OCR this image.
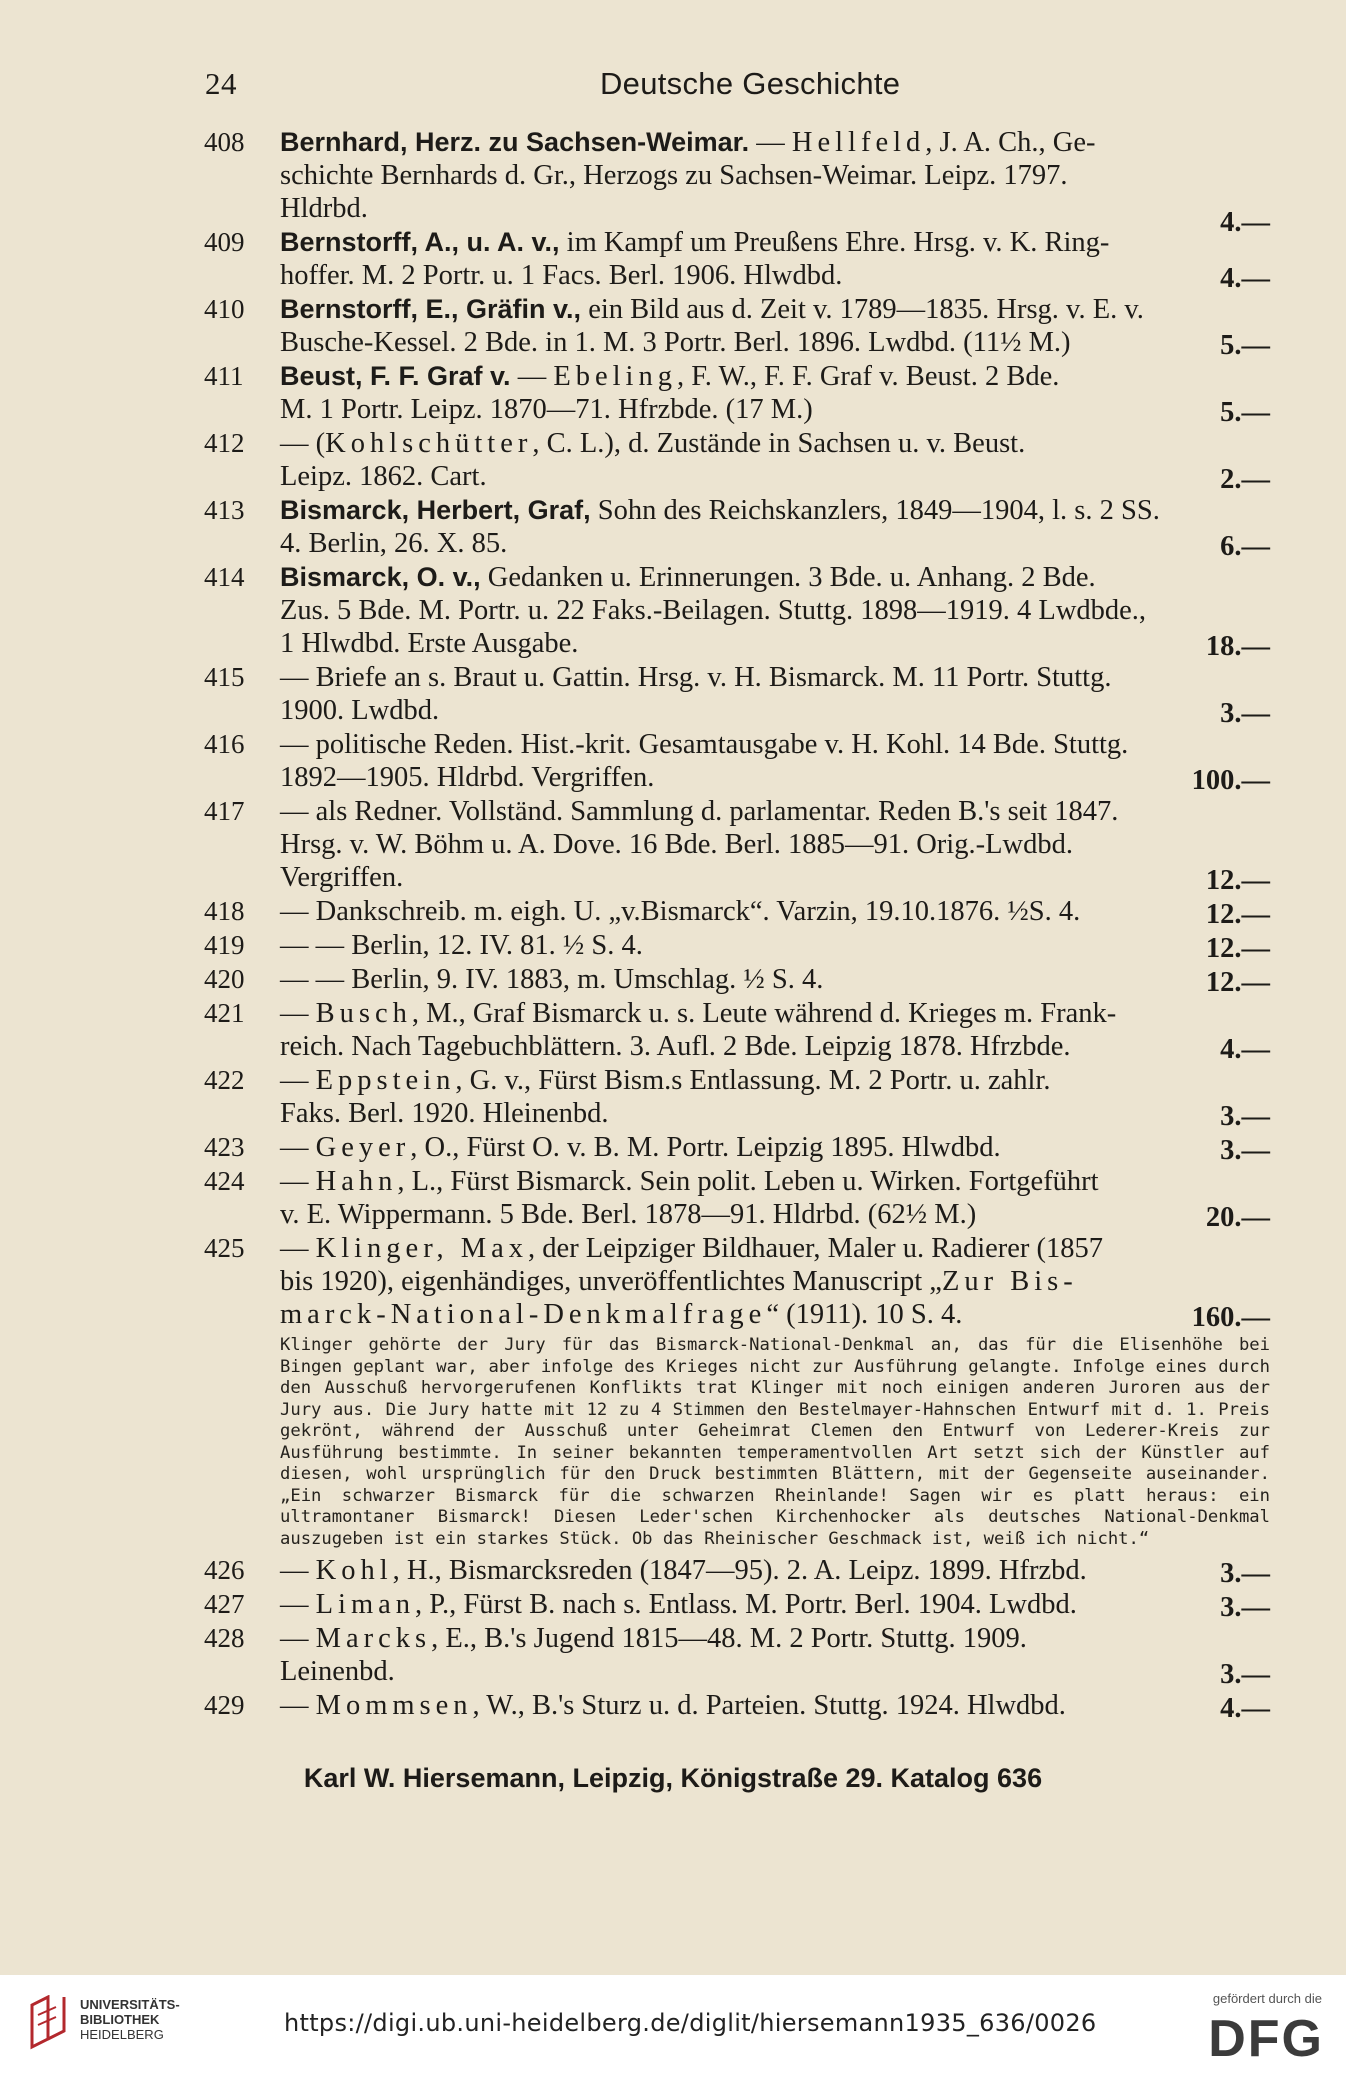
24	Deutsche Geschichte
408	Bernhard, Herz. zu Sachsen-Weimar. — Hellfeld, J. A. Ch., Ge-
schichte Bernhards d. Gr., Herzogs zu Sachsen-Weimar. Leipz. 1797.
Hldrbd.	4.—
409	Bernstorff, A., u. A. v., im Kampf um Preußens Ehre. Hrsg. v. K. Ring-
hoffer. M. 2 Portr. u. 1 Facs. Berl. 1906. Hlwdbd.	4.—
410	Bernstorff, E., Gräfin v., ein Bild aus d. Zeit v. 1789—1835. Hrsg. v. E. v.
Busche-Kessel. 2 Bde. in 1. M. 3 Portr. Berl. 1896. Lwdbd. (11½ M.)	5.—
411	Beust, F. F. Graf v. — Ebeling, F. W., F. F. Graf v. Beust. 2 Bde.
M. 1 Portr. Leipz. 1870—71. Hfrzbde. (17 M.)	5.—
412	— (Kohlschütter, C. L.), d. Zustände in Sachsen u. v. Beust.
Leipz. 1862. Cart.	2.—
413	Bismarck, Herbert, Graf, Sohn des Reichskanzlers, 1849—1904, l. s. 2 SS.
4. Berlin, 26. X. 85.	6.—
414	Bismarck, O. v., Gedanken u. Erinnerungen. 3 Bde. u. Anhang. 2 Bde.
Zus. 5 Bde. M. Portr. u. 22 Faks.-Beilagen. Stuttg. 1898—1919. 4 Lwdbde.,
1 Hlwdbd. Erste Ausgabe.	18.—
415	— Briefe an s. Braut u. Gattin. Hrsg. v. H. Bismarck. M. 11 Portr. Stuttg.
1900. Lwdbd.	3.—
416	— politische Reden. Hist.-krit. Gesamtausgabe v. H. Kohl. 14 Bde. Stuttg.
1892—1905. Hldrbd. Vergriffen.	100.—
417	— als Redner. Vollständ. Sammlung d. parlamentar. Reden B.'s seit 1847.
Hrsg. v. W. Böhm u. A. Dove. 16 Bde. Berl. 1885—91. Orig.-Lwdbd.
Vergriffen.	12.—
418	— Dankschreib. m. eigh. U. „v.Bismarck“. Varzin, 19.10.1876. ½S. 4.	12.—
419	— — Berlin, 12. IV. 81. ½ S. 4.	12.—
420	— — Berlin, 9. IV. 1883, m. Umschlag. ½ S. 4.	12.—
421	— Busch, M., Graf Bismarck u. s. Leute während d. Krieges m. Frank-
reich. Nach Tagebuchblättern. 3. Aufl. 2 Bde. Leipzig 1878. Hfrzbde.	4.—
422	— Eppstein, G. v., Fürst Bism.s Entlassung. M. 2 Portr. u. zahlr.
Faks. Berl. 1920. Hleinenbd.	3.—
423	— Geyer, O., Fürst O. v. B. M. Portr. Leipzig 1895. Hlwdbd.	3.—
424	— Hahn, L., Fürst Bismarck. Sein polit. Leben u. Wirken. Fortgeführt
v. E. Wippermann. 5 Bde. Berl. 1878—91. Hldrbd. (62½ M.)	20.—
425	— Klinger, Max, der Leipziger Bildhauer, Maler u. Radierer (1857
bis 1920), eigenhändiges, unveröffentlichtes Manuscript „Zur Bis-
marck-National-Denkmalfrage“ (1911). 10 S. 4.	160.—
Klinger gehörte der Jury für das Bismarck-National-Denkmal an, das für die Elisenhöhe bei Bingen geplant war, aber infolge des Krieges nicht zur Ausführung gelangte. Infolge eines durch den Ausschuß hervorgerufenen Konflikts trat Klinger mit noch einigen anderen Juroren aus der Jury aus. Die Jury hatte mit 12 zu 4 Stimmen den Bestelmayer-Hahnschen Entwurf mit d. 1. Preis gekrönt, während der Ausschuß unter Geheimrat Clemen den Entwurf von Lederer-Kreis zur Ausführung bestimmte. In seiner bekannten temperamentvollen Art setzt sich der Künstler auf diesen, wohl ursprünglich für den Druck bestimmten Blättern, mit der Gegenseite auseinander. „Ein schwarzer Bismarck für die schwarzen Rheinlande! Sagen wir es platt heraus: ein ultramontaner Bismarck! Diesen Leder'schen Kirchenhocker als deutsches National-Denkmal auszugeben ist ein starkes Stück. Ob das Rheinischer Geschmack ist, weiß ich nicht.“
426	— Kohl, H., Bismarcksreden (1847—95). 2. A. Leipz. 1899. Hfrzbd.	3.—
427	— Liman, P., Fürst B. nach s. Entlass. M. Portr. Berl. 1904. Lwdbd.	3.—
428	— Marcks, E., B.'s Jugend 1815—48. M. 2 Portr. Stuttg. 1909.
Leinenbd.	3.—
429	— Mommsen, W., B.'s Sturz u. d. Parteien. Stuttg. 1924. Hlwdbd.	4.—
Karl W. Hiersemann, Leipzig, Königstraße 29. Katalog 636
UNIVERSITÄTS-
BIBLIOTHEK
HEIDELBERG	https://digi.ub.uni-heidelberg.de/diglit/hiersemann1935_636/0026
gefördert durch die
DFG
